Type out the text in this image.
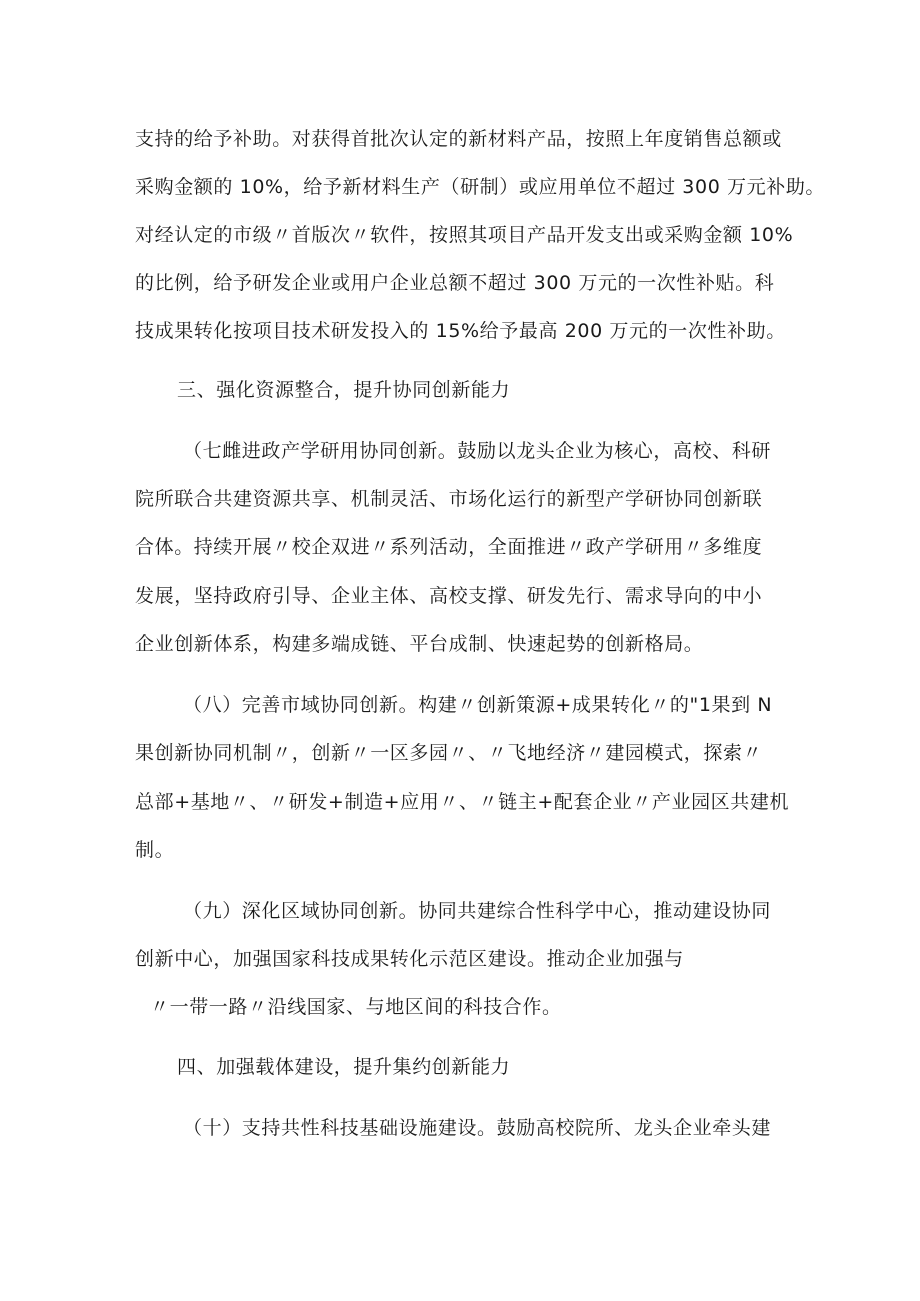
支持的给予补助。对获得首批次认定的新材料产品，按照上年度销售总额或
采购金额的 10%，给予新材料生产（研制）或应用单位不超过 300 万元补助。
对经认定的市级〃首版次〃软件，按照其项目产品开发支出或采购金额 10%
的比例，给予研发企业或用户企业总额不超过 300 万元的一次性补贴。科
技成果转化按项目技术研发投入的 15%给予最高 200 万元的一次性补助。
三、强化资源整合，提升协同创新能力
（七雌进政产学研用协同创新。鼓励以龙头企业为核心，高校、科研
院所联合共建资源共享、机制灵活、市场化运行的新型产学研协同创新联
合体。持续开展〃校企双进〃系列活动，全面推进〃政产学研用〃多维度
发展，坚持政府引导、企业主体、高校支撑、研发先行、需求导向的中小
企业创新体系，构建多端成链、平台成制、快速起势的创新格局。
（八）完善市域协同创新。构建〃创新策源+成果转化〃的"1果到 N
果创新协同机制〃，创新〃一区多园〃、〃飞地经济〃建园模式，探索〃
总部+基地〃、〃研发+制造+应用〃、〃链主+配套企业〃产业园区共建机
制。
（九）深化区域协同创新。协同共建综合性科学中心，推动建设协同
创新中心，加强国家科技成果转化示范区建设。推动企业加强与
〃一带一路〃沿线国家、与地区间的科技合作。
四、加强载体建设，提升集约创新能力
（十）支持共性科技基础设施建设。鼓励高校院所、龙头企业牵头建
